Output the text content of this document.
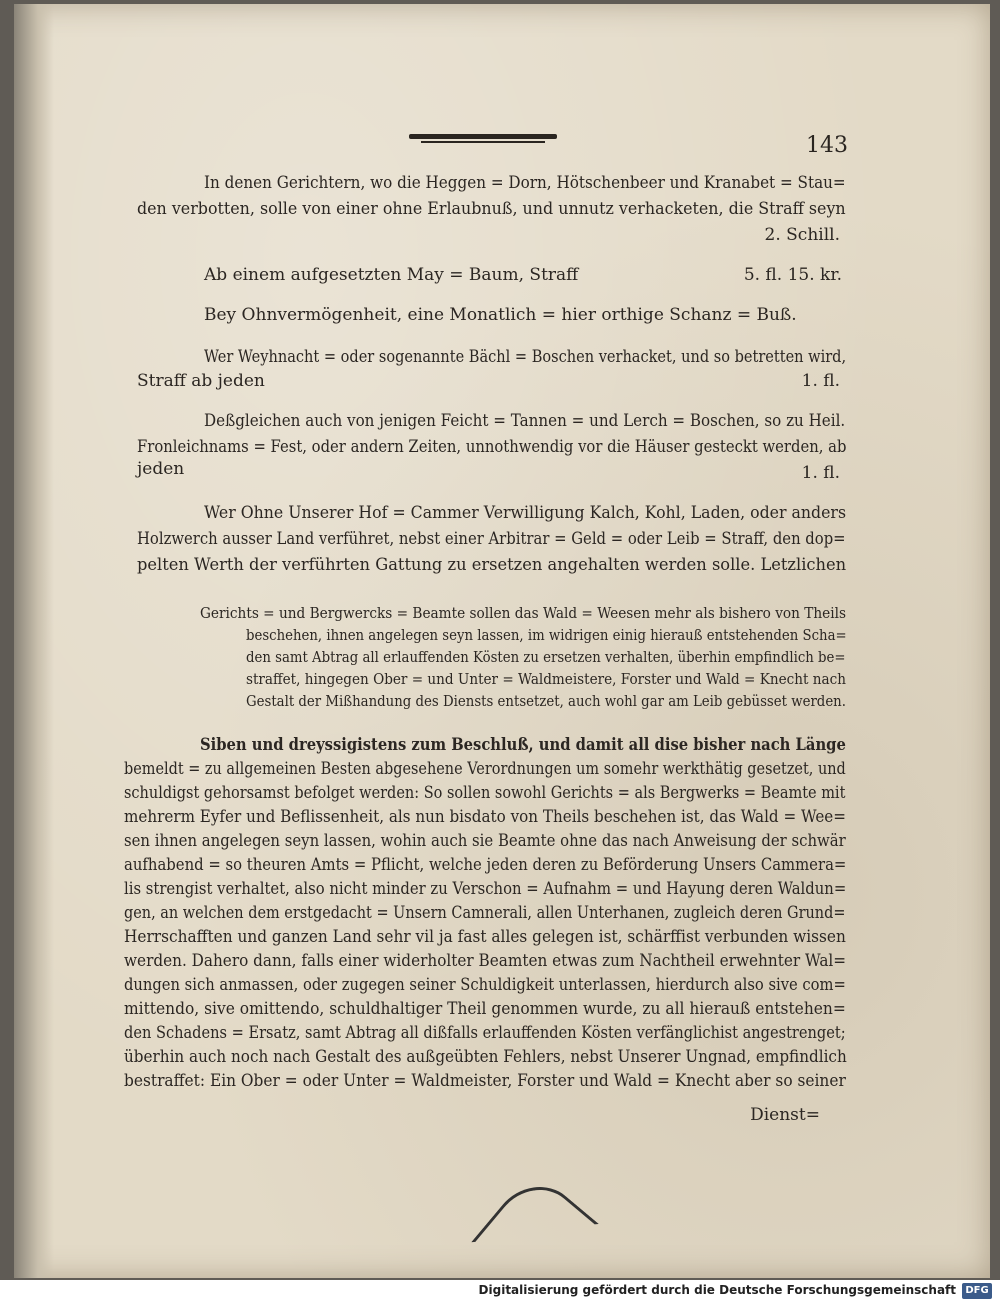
143

In denen Gerichtern, wo die Heggen = Dorn, Hötschenbeer und Kranabet = Stau=

den verbotten, solle von einer ohne Erlaubnuß, und unnutz verhacketen, die Straff seyn

2. Schill.

Ab einem aufgesetzten May = Baum, Straff	5. fl. 15. kr.

Bey Ohnvermögenheit, eine Monatlich = hier orthige Schanz = Buß.

Wer Weyhnacht = oder sogenannte Bächl = Boschen verhacket, und so betretten wird,

Straff ab jeden	1. fl.

Deßgleichen auch von jenigen Feicht = Tannen = und Lerch = Boschen, so zu Heil.

Fronleichnams = Fest, oder andern Zeiten, unnothwendig vor die Häuser gesteckt werden, ab

jeden	1. fl.

Wer Ohne Unserer Hof = Cammer Verwilligung Kalch, Kohl, Laden, oder anders

Holzwerch ausser Land verführet, nebst einer Arbitrar = Geld = oder Leib = Straff, den dop=

pelten Werth der verführten Gattung zu ersetzen angehalten werden solle. Letzlichen

Gerichts = und Bergwercks = Beamte sollen das Wald = Weesen mehr als bishero von Theils

beschehen, ihnen angelegen seyn lassen, im widrigen einig hierauß entstehenden Scha=

den samt Abtrag all erlauffenden Kösten zu ersetzen verhalten, überhin empfindlich be=

straffet, hingegen Ober = und Unter = Waldmeistere, Forster und Wald = Knecht nach

Gestalt der Mißhandung des Diensts entsetzet, auch wohl gar am Leib gebüsset werden.

Siben und dreyssigistens zum Beschluß, und damit all dise bisher nach Länge

bemeldt = zu allgemeinen Besten abgesehene Verordnungen um somehr werkthätig gesetzet, und

schuldigst gehorsamst befolget werden: So sollen sowohl Gerichts = als Bergwerks = Beamte mit

mehrerm Eyfer und Beflissenheit, als nun bisdato von Theils beschehen ist, das Wald = Wee=

sen ihnen angelegen seyn lassen, wohin auch sie Beamte ohne das nach Anweisung der schwär

aufhabend = so theuren Amts = Pflicht, welche jeden deren zu Beförderung Unsers Cammera=

lis strengist verhaltet, also nicht minder zu Verschon = Aufnahm = und Hayung deren Waldun=

gen, an welchen dem erstgedacht = Unsern Camnerali, allen Unterhanen, zugleich deren Grund=

Herrschafften und ganzen Land sehr vil ja fast alles gelegen ist, schärffist verbunden wissen

werden. Dahero dann, falls einer widerholter Beamten etwas zum Nachtheil erwehnter Wal=

dungen sich anmassen, oder zugegen seiner Schuldigkeit unterlassen, hierdurch also sive com=

mittendo, sive omittendo, schuldhaltiger Theil genommen wurde, zu all hierauß entstehen=

den Schadens = Ersatz, samt Abtrag all dißfalls erlauffenden Kösten verfänglichist angestrenget;

überhin auch noch nach Gestalt des außgeübten Fehlers, nebst Unserer Ungnad, empfindlich

bestraffet: Ein Ober = oder Unter = Waldmeister, Forster und Wald = Knecht aber so seiner

Dienst=

Digitalisierung gefördert durch die Deutsche Forschungsgemeinschaft DFG
